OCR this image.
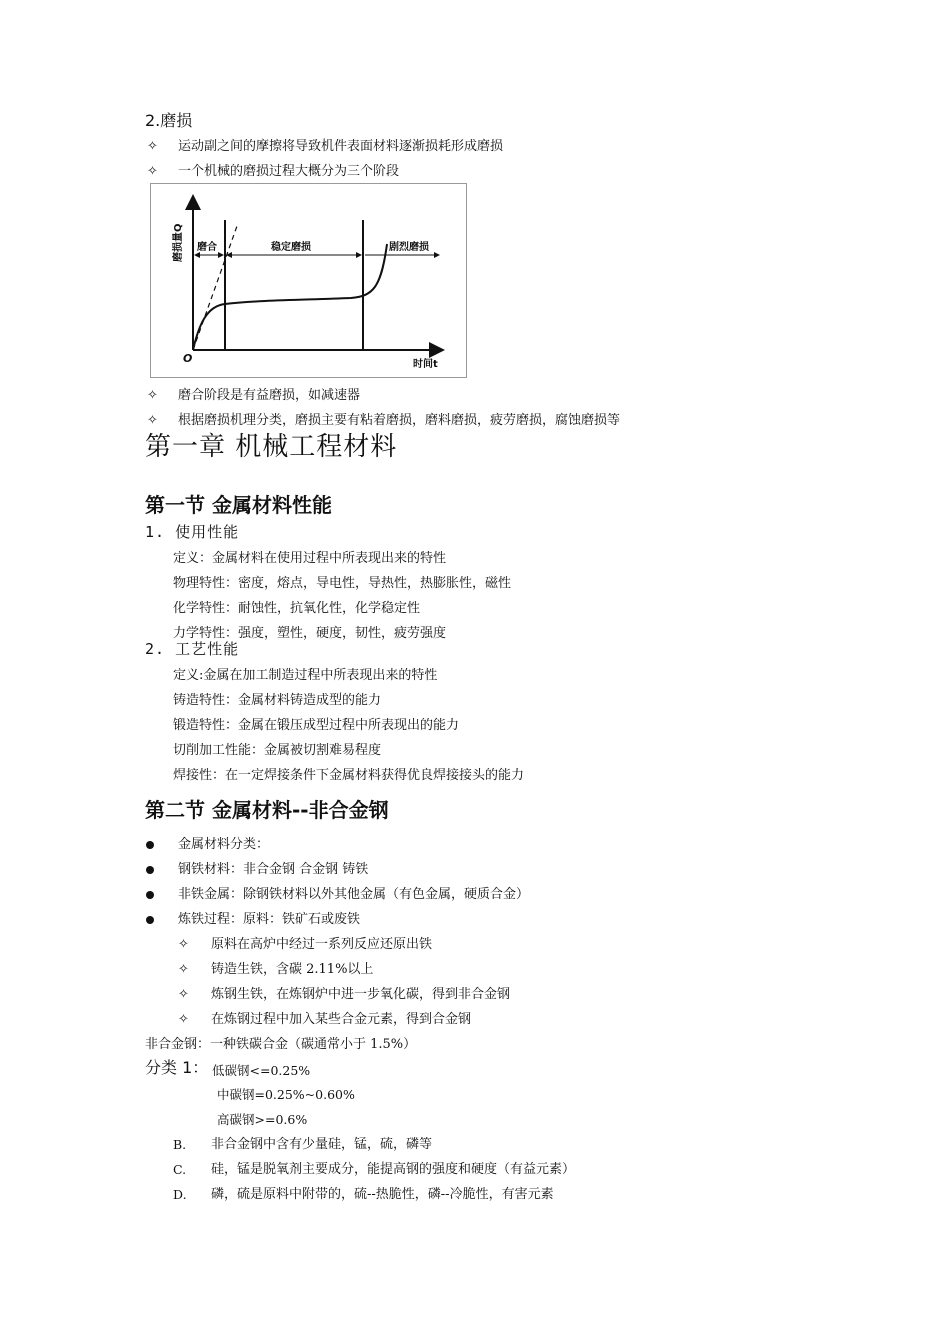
2.磨损
✧ 运动副之间的摩擦将导致机件表面材料逐渐损耗形成磨损
✧ 一个机械的磨损过程大概分为三个阶段
磨合	稳定磨损	剧烈磨损
磨损量Q
时间t
O
✧ 磨合阶段是有益磨损，如减速器
✧ 根据磨损机理分类，磨损主要有粘着磨损，磨料磨损，疲劳磨损，腐蚀磨损等
第一章 机械工程材料
第一节 金属材料性能
1. 使用性能
定义：金属材料在使用过程中所表现出来的特性
物理特性：密度，熔点，导电性，导热性，热膨胀性，磁性
化学特性：耐蚀性，抗氧化性，化学稳定性
力学特性：强度，塑性，硬度，韧性，疲劳强度
2. 工艺性能
定义:金属在加工制造过程中所表现出来的特性
铸造特性：金属材料铸造成型的能力
锻造特性：金属在锻压成型过程中所表现出的能力
切削加工性能：金属被切割难易程度
焊接性：在一定焊接条件下金属材料获得优良焊接接头的能力
第二节 金属材料--非合金钢
金属材料分类：
钢铁材料：非合金钢 合金钢 铸铁
非铁金属：除钢铁材料以外其他金属（有色金属，硬质合金）
炼铁过程：原料：铁矿石或废铁
✧ 原料在高炉中经过一系列反应还原出铁
✧ 铸造生铁，含碳 2.11%以上
✧ 炼钢生铁，在炼钢炉中进一步氧化碳，得到非合金钢
✧ 在炼钢过程中加入某些合金元素，得到合金钢
非合金钢：一种铁碳合金（碳通常小于 1.5%）
分类 1： 低碳钢<=0.25%
中碳钢=0.25%~0.60%
高碳钢>=0.6%
B. 非合金钢中含有少量硅，锰，硫，磷等
C. 硅，锰是脱氧剂主要成分，能提高钢的强度和硬度（有益元素）
D. 磷，硫是原料中附带的，硫--热脆性，磷--冷脆性，有害元素
